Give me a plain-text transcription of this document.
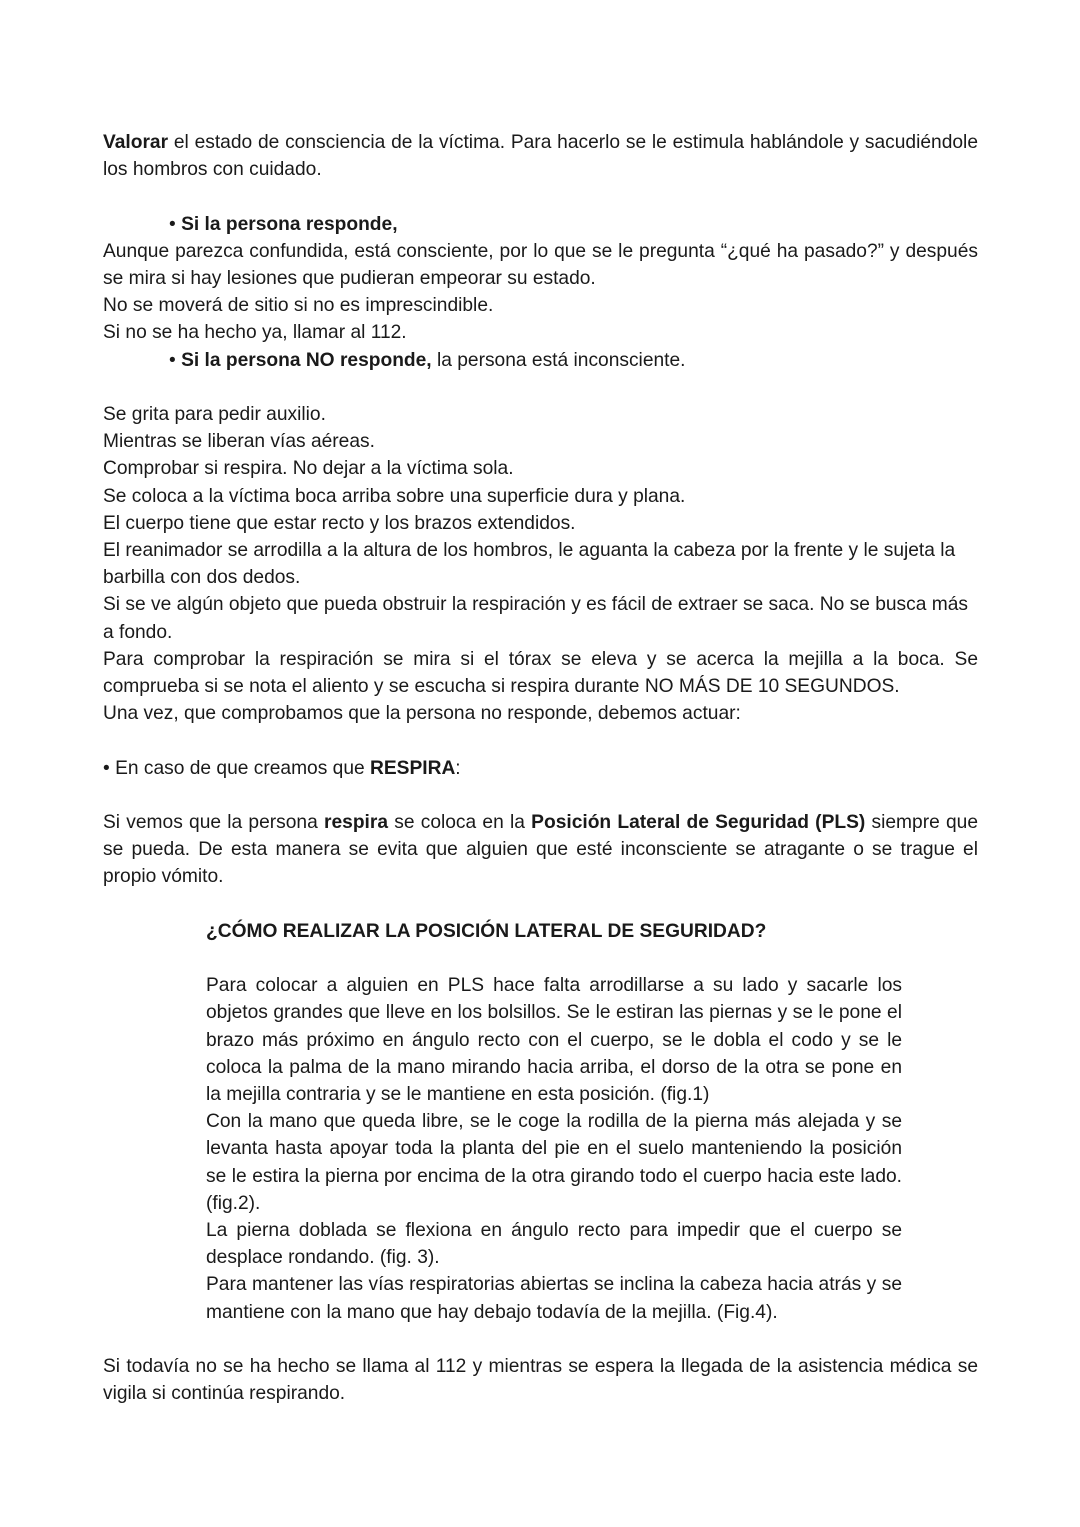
Valorar el estado de consciencia de la víctima. Para hacerlo se le estimula hablándole y sacudiéndole los hombros con cuidado.

• Si la persona responde,

Aunque parezca confundida, está consciente, por lo que se le pregunta “¿qué ha pasado?” y después se mira si hay lesiones que pudieran empeorar su estado.

No se moverá de sitio si no es imprescindible.

Si no se ha hecho ya, llamar al 112.

• Si la persona NO responde, la persona está inconsciente.

Se grita para pedir auxilio.

Mientras se liberan vías aéreas.

Comprobar si respira. No dejar a la víctima sola.

Se coloca a la víctima boca arriba sobre una superficie dura y plana.

El cuerpo tiene que estar recto y los brazos extendidos.

El reanimador se arrodilla a la altura de los hombros, le aguanta la cabeza por la frente y le sujeta la barbilla con dos dedos.

Si se ve algún objeto que pueda obstruir la respiración y es fácil de extraer se saca. No se busca más a fondo.

Para comprobar la respiración se mira si el tórax se eleva y se acerca la mejilla a la boca. Se comprueba si se nota el aliento y se escucha si respira durante NO MÁS DE 10 SEGUNDOS.

Una vez, que comprobamos que la persona no responde, debemos actuar:

• En caso de que creamos que RESPIRA:

Si vemos que la persona respira se coloca en la Posición Lateral de Seguridad (PLS) siempre que se pueda. De esta manera se evita que alguien que esté inconsciente se atragante o se trague el propio vómito.

¿CÓMO REALIZAR LA POSICIÓN LATERAL DE SEGURIDAD?

Para colocar a alguien en PLS hace falta arrodillarse a su lado y sacarle los objetos grandes que lleve en los bolsillos. Se le estiran las piernas y se le pone el brazo más próximo en ángulo recto con el cuerpo, se le dobla el codo y se le coloca la palma de la mano mirando hacia arriba, el dorso de la otra se pone en la mejilla contraria y se le mantiene en esta posición. (fig.1)

Con la mano que queda libre, se le coge la rodilla de la pierna más alejada y se levanta hasta apoyar toda la planta del pie en el suelo manteniendo la posición se le estira la pierna por encima de la otra girando todo el cuerpo hacia este lado. (fig.2).

La pierna doblada se flexiona en ángulo recto para impedir que el cuerpo se desplace rondando. (fig. 3).

Para mantener las vías respiratorias abiertas se inclina la cabeza hacia atrás y se mantiene con la mano que hay debajo todavía de la mejilla. (Fig.4).

Si todavía no se ha hecho se llama al 112 y mientras se espera la llegada de la asistencia médica se vigila si continúa respirando.
